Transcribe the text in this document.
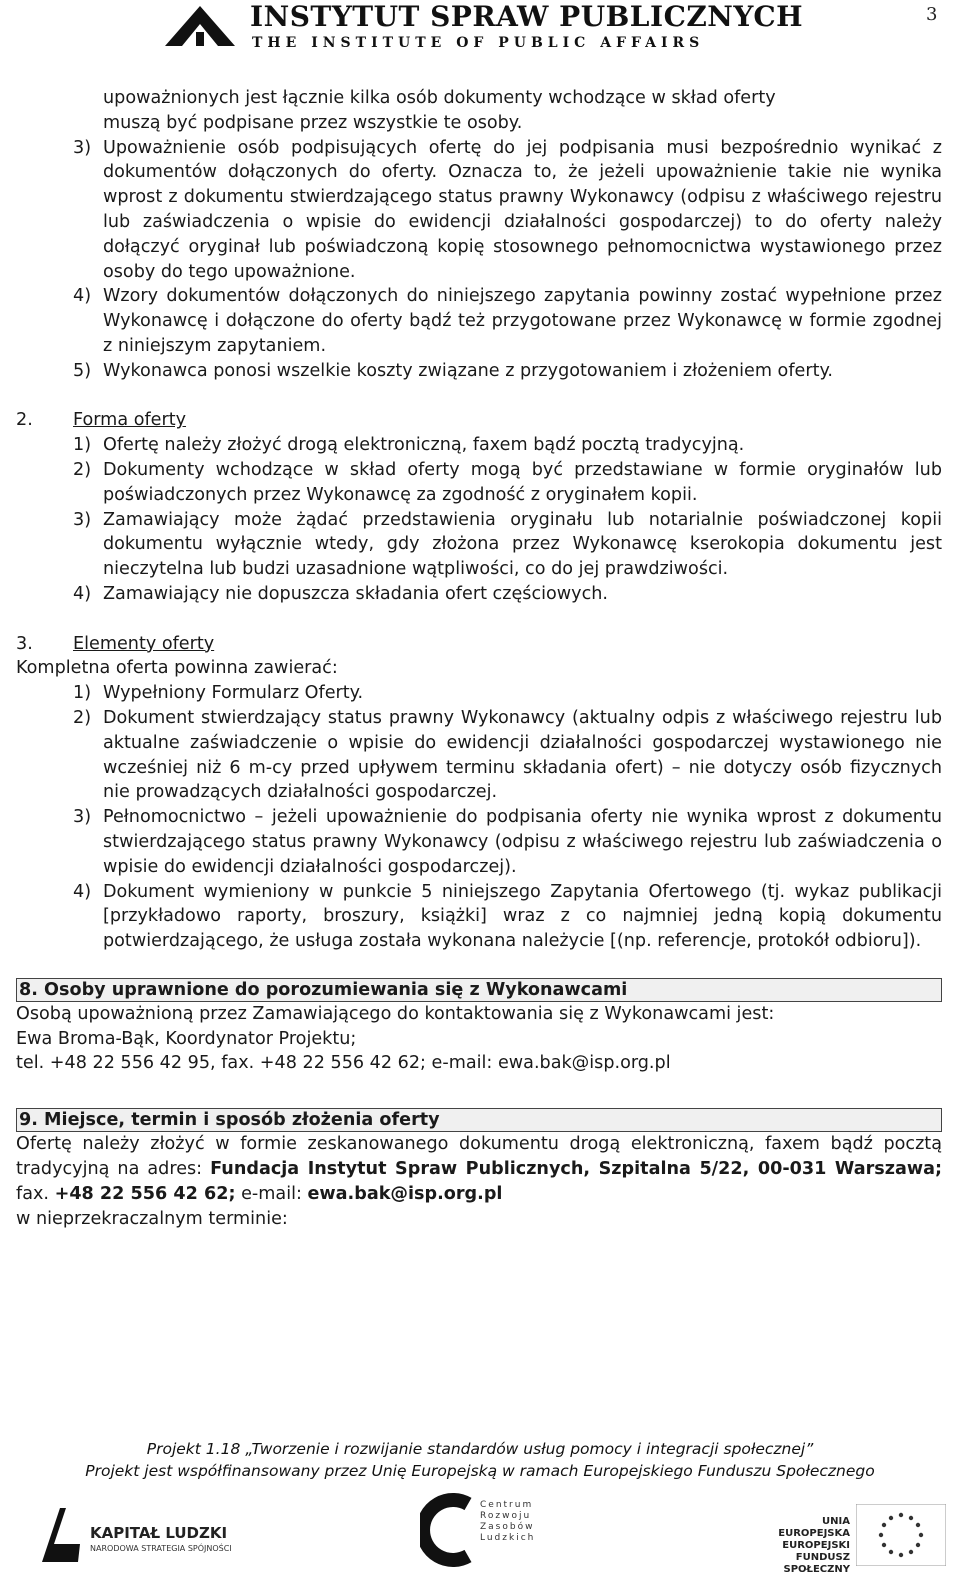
INSTYTUT SPRAW PUBLICZNYCH
THE INSTITUTE OF PUBLIC AFFAIRS
3
upoważnionych jest łącznie kilka osób dokumenty wchodzące w skład oferty
muszą być podpisane przez wszystkie te osoby.
3) Upoważnienie osób podpisujących ofertę do jej podpisania musi bezpośrednio wynikać z dokumentów dołączonych do oferty. Oznacza to, że jeżeli upoważnienie takie nie wynika wprost z dokumentu stwierdzającego status prawny Wykonawcy (odpisu z właściwego rejestru lub zaświadczenia o wpisie do ewidencji działalności gospodarczej) to do oferty należy dołączyć oryginał lub poświadczoną kopię stosownego pełnomocnictwa wystawionego przez osoby do tego upoważnione.
4) Wzory dokumentów dołączonych do niniejszego zapytania powinny zostać wypełnione przez Wykonawcę i dołączone do oferty bądź też przygotowane przez Wykonawcę w formie zgodnej z niniejszym zapytaniem.
5) Wykonawca ponosi wszelkie koszty związane z przygotowaniem i złożeniem oferty.
2. Forma oferty
1) Ofertę należy złożyć drogą elektroniczną, faxem bądź pocztą tradycyjną.
2) Dokumenty wchodzące w skład oferty mogą być przedstawiane w formie oryginałów lub poświadczonych przez Wykonawcę za zgodność z oryginałem kopii.
3) Zamawiający może żądać przedstawienia oryginału lub notarialnie poświadczonej kopii dokumentu wyłącznie wtedy, gdy złożona przez Wykonawcę kserokopia dokumentu jest nieczytelna lub budzi uzasadnione wątpliwości, co do jej prawdziwości.
4) Zamawiający nie dopuszcza składania ofert częściowych.
3. Elementy oferty
Kompletna oferta powinna zawierać:
1) Wypełniony Formularz Oferty.
2) Dokument stwierdzający status prawny Wykonawcy (aktualny odpis z właściwego rejestru lub aktualne zaświadczenie o wpisie do ewidencji działalności gospodarczej wystawionego nie wcześniej niż 6 m-cy przed upływem terminu składania ofert) – nie dotyczy osób fizycznych nie prowadzących działalności gospodarczej.
3) Pełnomocnictwo – jeżeli upoważnienie do podpisania oferty nie wynika wprost z dokumentu stwierdzającego status prawny Wykonawcy (odpisu z właściwego rejestru lub zaświadczenia o wpisie do ewidencji działalności gospodarczej).
4) Dokument wymieniony w punkcie 5 niniejszego Zapytania Ofertowego (tj. wykaz publikacji [przykładowo raporty, broszury, książki] wraz z co najmniej jedną kopią dokumentu potwierdzającego, że usługa została wykonana należycie [(np. referencje, protokół odbioru]).
8. Osoby uprawnione do porozumiewania się z Wykonawcami
Osobą upoważnioną przez Zamawiającego do kontaktowania się z Wykonawcami jest:
Ewa Broma-Bąk, Koordynator Projektu;
tel. +48 22 556 42 95, fax. +48 22 556 42 62; e-mail: ewa.bak@isp.org.pl
9. Miejsce, termin i sposób złożenia oferty
Ofertę należy złożyć w formie zeskanowanego dokumentu drogą elektroniczną, faxem bądź pocztą tradycyjną na adres: Fundacja Instytut Spraw Publicznych, Szpitalna 5/22, 00-031 Warszawa; fax. +48 22 556 42 62; e-mail: ewa.bak@isp.org.pl
w nieprzekraczalnym terminie:
Projekt 1.18 „Tworzenie i rozwijanie standardów usług pomocy i integracji społecznej”
Projekt jest współfinansowany przez Unię Europejską w ramach Europejskiego Funduszu Społecznego
KAPITAŁ LUDZKI
NARODOWA STRATEGIA SPÓJNOŚCI
Centrum Rozwoju Zasobów Ludzkich
UNIA EUROPEJSKA
EUROPEJSKI
FUNDUSZ SPOŁECZNY
